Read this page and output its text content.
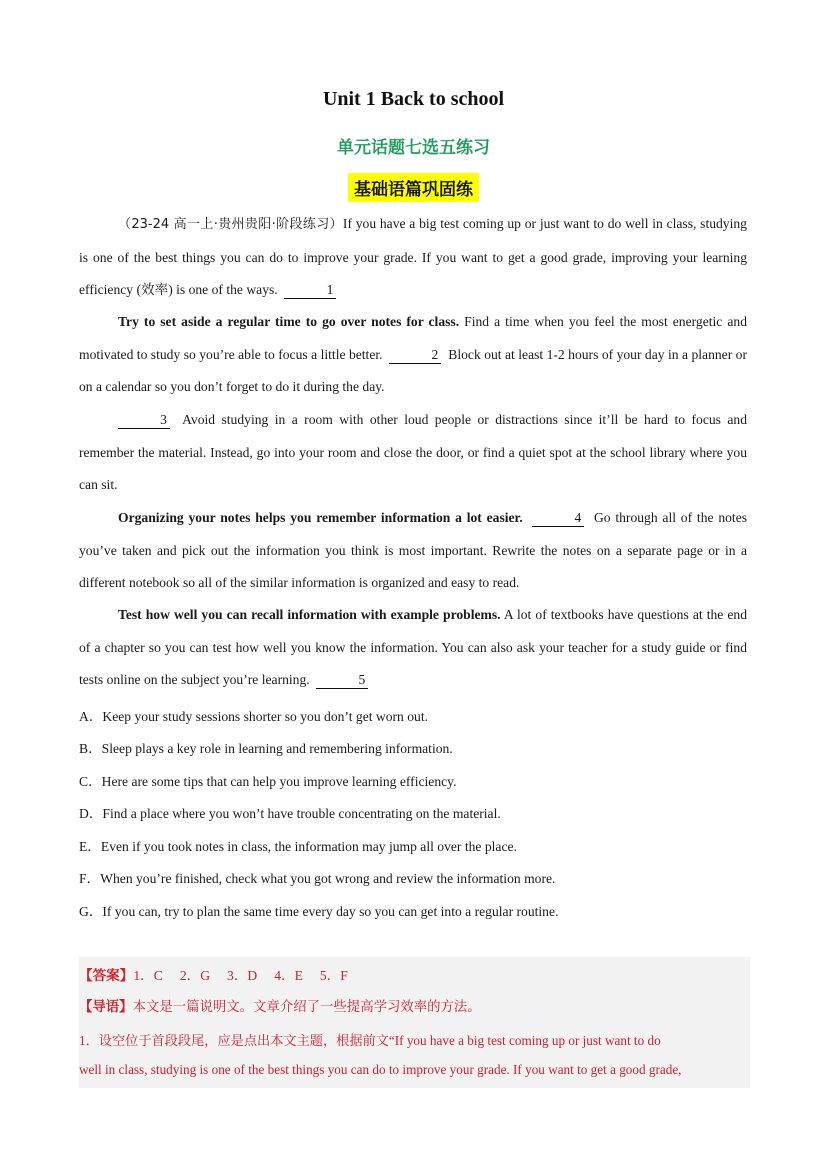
Unit 1 Back to school
单元话题七选五练习
基础语篇巩固练

（23-24 高一上·贵州贵阳·阶段练习）If you have a big test coming up or just want to do well in class, studying is one of the best things you can do to improve your grade. If you want to get a good grade, improving your learning efficiency (效率) is one of the ways.	1

Try to set aside a regular time to go over notes for class. Find a time when you feel the most energetic and motivated to study so you’re able to focus a little better.	2 Block out at least 1-2 hours of your day in a planner or on a calendar so you don’t forget to do it during the day.

3 Avoid studying in a room with other loud people or distractions since it’ll be hard to focus and remember the material. Instead, go into your room and close the door, or find a quiet spot at the school library where you can sit.

Organizing your notes helps you remember information a lot easier.	4 Go through all of the notes you’ve taken and pick out the information you think is most important. Rewrite the notes on a separate page or in a different notebook so all of the similar information is organized and easy to read.

Test how well you can recall information with example problems. A lot of textbooks have questions at the end of a chapter so you can test how well you know the information. You can also ask your teacher for a study guide or find tests online on the subject you’re learning.	5

A．Keep your study sessions shorter so you don’t get worn out.
B．Sleep plays a key role in learning and remembering information.
C．Here are some tips that can help you improve learning efficiency.
D．Find a place where you won’t have trouble concentrating on the material.
E．Even if you took notes in class, the information may jump all over the place.
F．When you’re finished, check what you got wrong and review the information more.
G．If you can, try to plan the same time every day so you can get into a regular routine.
【答案】1．C　 2．G　 3．D　 4．E　 5．F
【导语】本文是一篇说明文。文章介绍了一些提高学习效率的方法。
1．设空位于首段段尾，应是点出本文主题，根据前文“If you have a big test coming up or just want to do
well in class, studying is one of the best things you can do to improve your grade. If you want to get a good grade,
